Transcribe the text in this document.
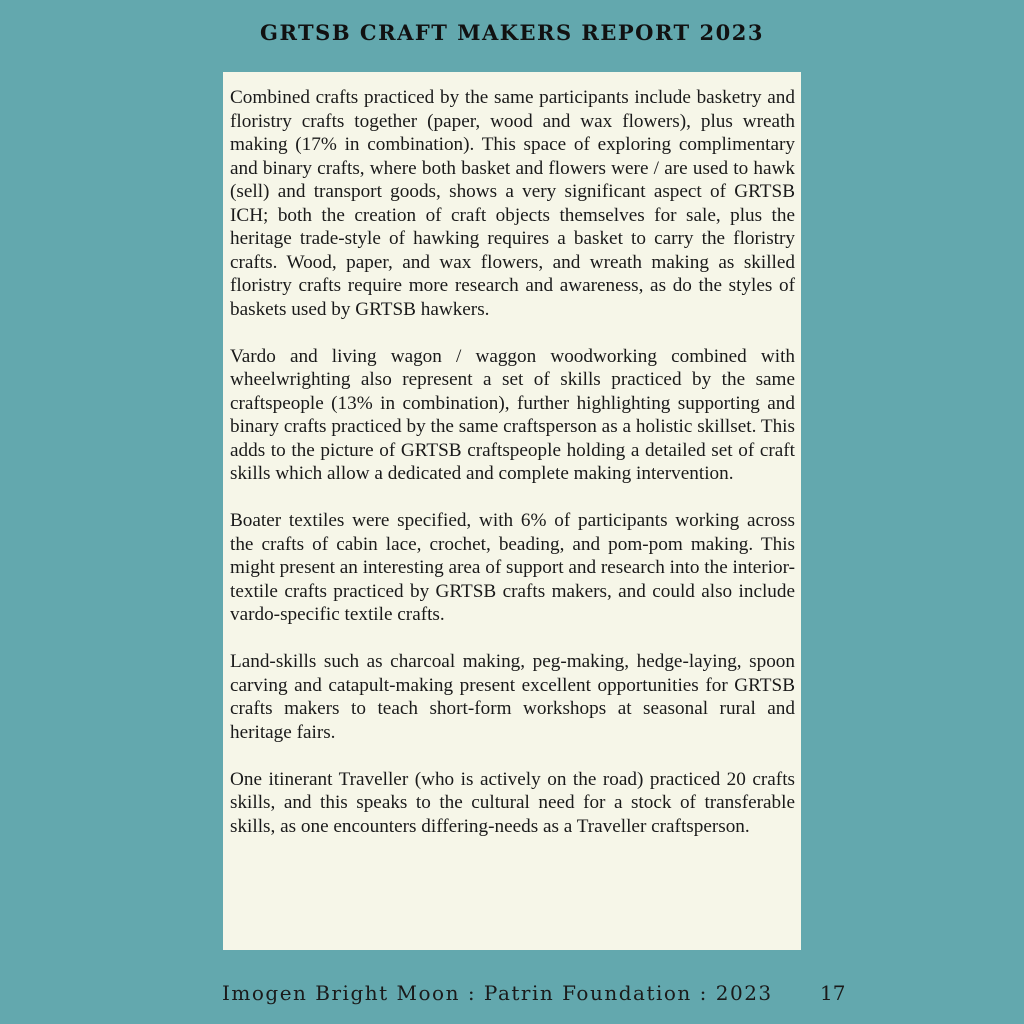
GRTSB CRAFT MAKERS REPORT 2023

Combined crafts practiced by the same participants include basketry and floristry crafts together (paper, wood and wax flowers), plus wreath making (17% in combination). This space of exploring complimentary and binary crafts, where both basket and flowers were / are used to hawk (sell) and transport goods, shows a very significant aspect of GRTSB ICH; both the creation of craft objects themselves for sale, plus the heritage trade-style of hawking requires a basket to carry the floristry crafts. Wood, paper, and wax flowers, and wreath making as skilled floristry crafts require more research and awareness, as do the styles of baskets used by GRTSB hawkers.

Vardo and living wagon / waggon woodworking combined with wheelwrighting also represent a set of skills practiced by the same craftspeople (13% in combination), further highlighting supporting and binary crafts practiced by the same craftsperson as a holistic skillset. This adds to the picture of GRTSB craftspeople holding a detailed set of craft skills which allow a dedicated and complete making intervention.

Boater textiles were specified, with 6% of participants working across the crafts of cabin lace, crochet, beading, and pom-pom making. This might present an interesting area of support and research into the interior-textile crafts practiced by GRTSB crafts makers, and could also include vardo-specific textile crafts.

Land-skills such as charcoal making, peg-making, hedge-laying, spoon carving and catapult-making present excellent opportunities for GRTSB crafts makers to teach short-form workshops at seasonal rural and heritage fairs.

One itinerant Traveller (who is actively on the road) practiced 20 crafts skills, and this speaks to the cultural need for a stock of transferable skills, as one encounters differing-needs as a Traveller craftsperson.

Imogen Bright Moon : Patrin Foundation : 2023 17
